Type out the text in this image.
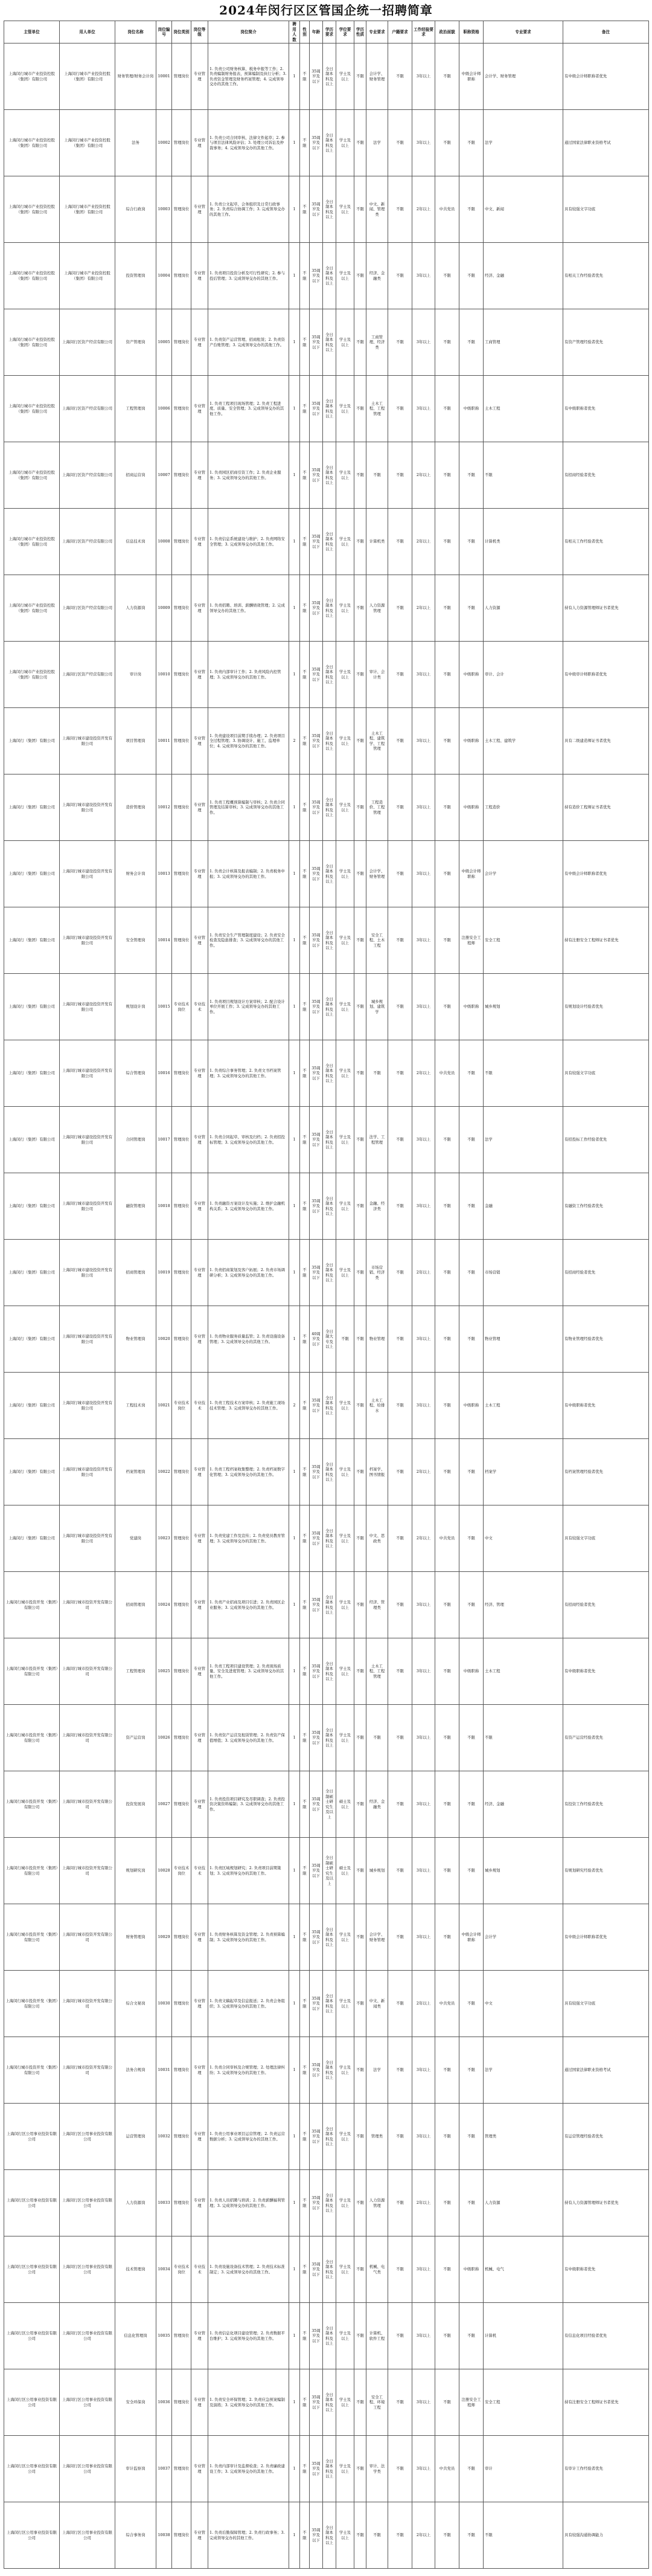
2024年闵行区区管国企统一招聘简章
主管单位	用人单位	岗位名称	岗位编号	岗位类别	岗位等级	岗位简介	聘用人数	性别	年龄	学历要求	学位要求	学历性质	专业要求	户籍要求	工作经验要求	政治面貌	职称资格	专业要求	备注
上海闵行城市产业投资控股（集团）有限公司	上海闵行城市产业投资控股（集团）有限公司	财务管理/财务会计岗	10001	管理岗位	专业管理	1. 负责公司财务核算、税务申报等工作；2. 负责编制财务报表、预算编制及执行分析；3. 负责资金管理及财务档案管理；4. 完成领导交办的其他工作。	1	不限	35周岁及以下	全日制本科及以上	学士及以上	不限	会计学、财务管理	不限	3年以上	不限	中级会计师职称	会计学、财务管理	有中级会计师职称者优先
上海闵行城市产业投资控股（集团）有限公司	上海闵行城市产业投资控股（集团）有限公司	法务	10002	管理岗位	专业管理	1. 负责公司合同审核、法律文件起草；2. 参与项目法律风险评估；3. 处理公司诉讼及仲裁事务；4. 完成领导交办的其他工作。	1	不限	35周岁及以下	全日制本科及以上	学士及以上	不限	法学	不限	3年以上	不限	不限	法学	通过国家法律职业资格考试
上海闵行城市产业投资控股（集团）有限公司	上海闵行城市产业投资控股（集团）有限公司	综合行政岗	10003	管理岗位	专业管理	1. 负责公文起草、会务组织及日常行政事务；2. 负责综合协调工作；3. 完成领导交办的其他工作。	1	不限	35周岁及以下	全日制本科及以上	学士及以上	不限	中文、新闻、管理类	不限	2年以上	中共党员	不限	中文、新闻	具有较强文字功底
上海闵行城市产业投资控股（集团）有限公司	上海闵行城市产业投资控股（集团）有限公司	投资管理岗	10004	管理岗位	专业管理	1. 负责项目投资分析及可行性研究；2. 参与投后管理；3. 完成领导交办的其他工作。	1	不限	35周岁及以下	全日制本科及以上	学士及以上	不限	经济、金融类	不限	3年以上	不限	不限	经济、金融	有相关工作经验者优先
上海闵行城市产业投资控股（集团）有限公司	上海闵行区资产经营有限公司	资产管理岗	10005	管理岗位	专业管理	1. 负责资产运营管理、招商租赁；2. 负责资产台账管理；3. 完成领导交办的其他工作。	1	不限	35周岁及以下	全日制本科及以上	学士及以上	不限	工商管理、经济类	不限	3年以上	不限	不限	工商管理	有资产管理经验者优先
上海闵行城市产业投资控股（集团）有限公司	上海闵行区资产经营有限公司	工程管理岗	10006	管理岗位	专业管理	1. 负责工程项目现场管理；2. 负责工程进度、质量、安全管理；3. 完成领导交办的其他工作。	1	不限	35周岁及以下	全日制本科及以上	学士及以上	不限	土木工程、工程管理	不限	3年以上	不限	中级职称	土木工程	有中级职称者优先
上海闵行城市产业投资控股（集团）有限公司	上海闵行区资产经营有限公司	招商运营岗	10007	管理岗位	专业管理	1. 负责园区招商引资工作；2. 负责企业服务；3. 完成领导交办的其他工作。	1	不限	35周岁及以下	全日制本科及以上	学士及以上	不限	不限	不限	2年以上	不限	不限	不限	有招商经验者优先
上海闵行城市产业投资控股（集团）有限公司	上海闵行区资产经营有限公司	信息技术岗	10008	管理岗位	专业管理	1. 负责信息系统建设与维护；2. 负责网络安全管理；3. 完成领导交办的其他工作。	1	不限	35周岁及以下	全日制本科及以上	学士及以上	不限	计算机类	不限	2年以上	不限	不限	计算机类	有相关工作经验者优先
上海闵行城市产业投资控股（集团）有限公司	上海闵行区资产经营有限公司	人力资源岗	10009	管理岗位	专业管理	1. 负责招聘、培训、薪酬绩效管理；2. 完成领导交办的其他工作。	1	不限	35周岁及以下	全日制本科及以上	学士及以上	不限	人力资源管理	不限	2年以上	不限	不限	人力资源	持有人力资源管理师证书者优先
上海闵行城市产业投资控股（集团）有限公司	上海闵行区资产经营有限公司	审计岗	10010	管理岗位	专业管理	1. 负责内部审计工作；2. 负责风险内控管理；3. 完成领导交办的其他工作。	1	不限	35周岁及以下	全日制本科及以上	学士及以上	不限	审计、会计类	不限	3年以上	不限	中级职称	审计、会计	有中级审计师职称者优先
上海闵行（集团）有限公司	上海闵行城市建设投资开发有限公司	项目管理岗	10011	管理岗位	专业管理	1. 负责建设项目前期手续办理；2. 负责项目全过程管理；3. 协调设计、施工、监理单位；4. 完成领导交办的其他工作。	2	不限	35周岁及以下	全日制本科及以上	学士及以上	不限	土木工程、建筑学、工程管理	不限	3年以上	不限	中级职称	土木工程、建筑学	具有二级建造师证书者优先
上海闵行（集团）有限公司	上海闵行城市建设投资开发有限公司	造价管理岗	10012	管理岗位	专业管理	1. 负责工程概预算编制与审核；2. 负责合同管理及结算审核；3. 完成领导交办的其他工作。	1	不限	35周岁及以下	全日制本科及以上	学士及以上	不限	工程造价、工程管理	不限	3年以上	不限	中级职称	工程造价	持有造价工程师证书者优先
上海闵行（集团）有限公司	上海闵行城市建设投资开发有限公司	财务会计岗	10013	管理岗位	专业管理	1. 负责会计核算及报表编制；2. 负责税务申报；3. 完成领导交办的其他工作。	1	不限	35周岁及以下	全日制本科及以上	学士及以上	不限	会计学、财务管理	不限	3年以上	不限	中级会计师职称	会计学	有中级会计师职称者优先
上海闵行（集团）有限公司	上海闵行城市建设投资开发有限公司	安全管理岗	10014	管理岗位	专业管理	1. 负责安全生产管理制度建设；2. 负责安全检查及隐患排查；3. 完成领导交办的其他工作。	1	不限	35周岁及以下	全日制本科及以上	学士及以上	不限	安全工程、土木工程	不限	3年以上	不限	注册安全工程师	安全工程	持有注册安全工程师证书者优先
上海闵行（集团）有限公司	上海闵行城市建设投资开发有限公司	规划设计岗	10015	专业技术岗位	专业技术	1. 负责项目规划设计方案审核；2. 配合设计单位开展工作；3. 完成领导交办的其他工作。	1	不限	35周岁及以下	全日制本科及以上	学士及以上	不限	城乡规划、建筑学	不限	3年以上	不限	中级职称	城乡规划	有规划设计经验者优先
上海闵行（集团）有限公司	上海闵行城市建设投资开发有限公司	综合管理岗	10016	管理岗位	专业管理	1. 负责综合事务管理；2. 负责文书档案管理；3. 完成领导交办的其他工作。	1	不限	35周岁及以下	全日制本科及以上	学士及以上	不限	不限	不限	2年以上	中共党员	不限	不限	具有较强文字功底
上海闵行（集团）有限公司	上海闵行城市建设投资开发有限公司	合同管理岗	10017	管理岗位	专业管理	1. 负责合同起草、审核及归档；2. 负责招投标管理；3. 完成领导交办的其他工作。	1	不限	35周岁及以下	全日制本科及以上	学士及以上	不限	法学、工程管理	不限	3年以上	不限	不限	法学	有招投标工作经验者优先
上海闵行（集团）有限公司	上海闵行城市建设投资开发有限公司	融资管理岗	10018	管理岗位	专业管理	1. 负责融资方案设计及实施；2. 维护金融机构关系；3. 完成领导交办的其他工作。	1	不限	35周岁及以下	全日制本科及以上	学士及以上	不限	金融、经济类	不限	3年以上	不限	不限	金融	有融资工作经验者优先
上海闵行（集团）有限公司	上海闵行城市建设投资开发有限公司	招商管理岗	10019	管理岗位	专业管理	1. 负责招商策划及客户拓展；2. 负责市场调研分析；3. 完成领导交办的其他工作。	1	不限	35周岁及以下	全日制本科及以上	学士及以上	不限	市场营销、经济类	不限	2年以上	不限	不限	市场营销	有招商经验者优先
上海闵行（集团）有限公司	上海闵行城市建设投资开发有限公司	物业管理岗	10020	管理岗位	专业管理	1. 负责物业服务质量监管；2. 负责设施设备管理；3. 完成领导交办的其他工作。	1	不限	40周岁及以下	全日制大专及以上	不限	不限	物业管理	不限	3年以上	不限	不限	物业管理	有物业管理经验者优先
上海闵行（集团）有限公司	上海闵行城市建设投资开发有限公司	工程技术岗	10021	专业技术岗位	专业技术	1. 负责工程技术方案审核；2. 负责施工现场技术管理；3. 完成领导交办的其他工作。	2	不限	35周岁及以下	全日制本科及以上	学士及以上	不限	土木工程、给排水	不限	3年以上	不限	中级职称	土木工程	有中级职称者优先
上海闵行（集团）有限公司	上海闵行城市建设投资开发有限公司	档案管理岗	10022	管理岗位	专业管理	1. 负责工程档案收集整理；2. 负责档案数字化管理；3. 完成领导交办的其他工作。	1	不限	35周岁及以下	全日制本科及以上	学士及以上	不限	档案学、图书情报	不限	2年以上	不限	不限	档案学	有档案管理经验者优先
上海闵行（集团）有限公司	上海闵行城市建设投资开发有限公司	党建岗	10023	管理岗位	专业管理	1. 负责党建工作及宣传；2. 负责党员教育管理；3. 完成领导交办的其他工作。	1	不限	35周岁及以下	全日制本科及以上	学士及以上	不限	中文、思政类	不限	2年以上	中共党员	不限	中文	具有较强文字功底
上海闵行城市投资开发（集团）有限公司	上海闵行城市投资开发有限公司	招商管理岗	10024	管理岗位	专业管理	1. 负责产业招商及项目引进；2. 负责园区企业服务；3. 完成领导交办的其他工作。	1	不限	35周岁及以下	全日制本科及以上	学士及以上	不限	经济、管理类	不限	3年以上	不限	不限	经济、管理	有招商经验者优先
上海闵行城市投资开发（集团）有限公司	上海闵行城市投资开发有限公司	工程管理岗	10025	管理岗位	专业管理	1. 负责工程项目建设管理；2. 负责现场质量、安全及进度管理；3. 完成领导交办的其他工作。	1	不限	35周岁及以下	全日制本科及以上	学士及以上	不限	土木工程、工程管理	不限	3年以上	不限	中级职称	土木工程	有中级职称者优先
上海闵行城市投资开发（集团）有限公司	上海闵行城市投资开发有限公司	资产运营岗	10026	管理岗位	专业管理	1. 负责资产运营及租赁管理；2. 负责资产保值增值；3. 完成领导交办的其他工作。	1	不限	35周岁及以下	全日制本科及以上	学士及以上	不限	不限	不限	3年以上	不限	不限	不限	有资产运营经验者优先
上海闵行城市投资开发（集团）有限公司	上海闵行城市投资开发有限公司	投资发展岗	10027	管理岗位	专业管理	1. 负责投资项目研究及尽职调查；2. 负责投资决策资料编制；3. 完成领导交办的其他工作。	1	不限	35周岁及以下	全日制硕士研究生及以上	硕士及以上	不限	经济、金融类	不限	3年以上	不限	不限	经济、金融	有投资工作经验者优先
上海闵行城市投资开发（集团）有限公司	上海闵行城市投资开发有限公司	规划研究岗	10028	专业技术岗位	专业技术	1. 负责区域规划研究；2. 负责项目前期策划；3. 完成领导交办的其他工作。	1	不限	35周岁及以下	全日制硕士研究生及以上	硕士及以上	不限	城乡规划	不限	3年以上	不限	不限	城乡规划	有规划研究经验者优先
上海闵行城市投资开发（集团）有限公司	上海闵行城市投资开发有限公司	财务管理岗	10029	管理岗位	专业管理	1. 负责财务核算及资金管理；2. 负责预算编制；3. 完成领导交办的其他工作。	1	不限	35周岁及以下	全日制本科及以上	学士及以上	不限	会计学、财务管理	不限	3年以上	不限	中级会计师职称	会计学	有中级会计师职称者优先
上海闵行城市投资开发（集团）有限公司	上海闵行城市投资开发有限公司	综合文秘岗	10030	管理岗位	专业管理	1. 负责文稿起草及信息报送；2. 负责会务组织；3. 完成领导交办的其他工作。	1	不限	35周岁及以下	全日制本科及以上	学士及以上	不限	中文、新闻类	不限	2年以上	中共党员	不限	中文	具有较强文字功底
上海闵行城市投资开发（集团）有限公司	上海闵行城市投资开发有限公司	法务合规岗	10031	管理岗位	专业管理	1. 负责合同审核及合规管理；2. 处理法律纠纷；3. 完成领导交办的其他工作。	1	不限	35周岁及以下	全日制本科及以上	学士及以上	不限	法学	不限	3年以上	不限	不限	法学	通过国家法律职业资格考试
上海闵行区公用事业投资有限公司	上海闵行区公用事业投资有限公司	运营管理岗	10032	管理岗位	专业管理	1. 负责公用事业项目运营管理；2. 负责运营数据分析；3. 完成领导交办的其他工作。	1	不限	35周岁及以下	全日制本科及以上	学士及以上	不限	管理类	不限	3年以上	不限	不限	管理类	有运营管理经验者优先
上海闵行区公用事业投资有限公司	上海闵行区公用事业投资有限公司	人力资源岗	10033	管理岗位	专业管理	1. 负责人员招聘与培训；2. 负责薪酬福利管理；3. 完成领导交办的其他工作。	1	不限	35周岁及以下	全日制本科及以上	学士及以上	不限	人力资源管理	不限	2年以上	不限	不限	人力资源	持有人力资源管理师证书者优先
上海闵行区公用事业投资有限公司	上海闵行区公用事业投资有限公司	技术管理岗	10034	专业技术岗位	专业技术	1. 负责设施设备技术管理；2. 负责技术标准制定；3. 完成领导交办的其他工作。	1	不限	35周岁及以下	全日制本科及以上	学士及以上	不限	机械、电气类	不限	3年以上	不限	中级职称	机械、电气	有中级职称者优先
上海闵行区公用事业投资有限公司	上海闵行区公用事业投资有限公司	信息化管理岗	10035	管理岗位	专业管理	1. 负责信息化项目建设管理；2. 负责数据平台维护；3. 完成领导交办的其他工作。	1	不限	35周岁及以下	全日制本科及以上	学士及以上	不限	计算机、软件工程	不限	3年以上	不限	不限	计算机	有信息化项目经验者优先
上海闵行区公用事业投资有限公司	上海闵行区公用事业投资有限公司	安全环保岗	10036	管理岗位	专业管理	1. 负责安全环保管理；2. 负责应急预案编制及演练；3. 完成领导交办的其他工作。	1	不限	35周岁及以下	全日制本科及以上	学士及以上	不限	安全工程、环境工程	不限	3年以上	不限	注册安全工程师	安全工程	持有注册安全工程师证书者优先
上海闵行区公用事业投资有限公司	上海闵行区公用事业投资有限公司	审计监察岗	10037	管理岗位	专业管理	1. 负责内部审计及监督检查；2. 负责廉政建设工作；3. 完成领导交办的其他工作。	1	不限	35周岁及以下	全日制本科及以上	学士及以上	不限	审计、法学类	不限	3年以上	中共党员	不限	审计	有审计工作经验者优先
上海闵行区公用事业投资有限公司	上海闵行区公用事业投资有限公司	综合事务岗	10038	管理岗位	专业管理	1. 负责后勤保障管理；2. 负责行政事务；3. 完成领导交办的其他工作。	1	不限	35周岁及以下	全日制本科及以上	学士及以上	不限	不限	不限	2年以上	不限	不限	不限	具有较强沟通协调能力
